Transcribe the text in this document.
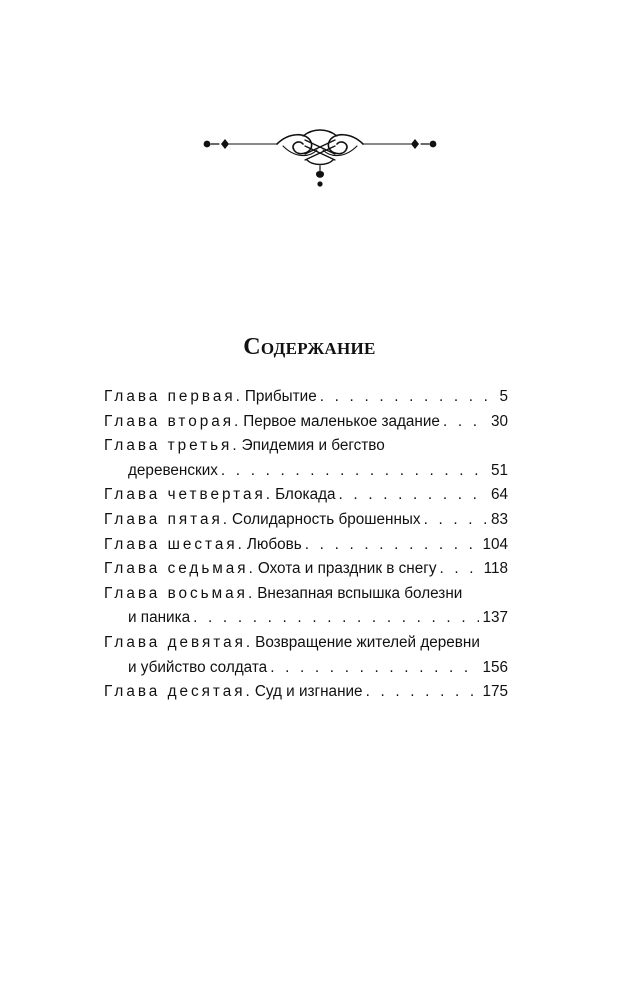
Содержание
Глава первая. Прибытие . . .	5
Глава вторая. Первое маленькое задание . . .	30
Глава третья. Эпидемия и бегство
деревенских . . .	51
Глава четвертая. Блокада . . .	64
Глава пятая. Солидарность брошенных . . .	83
Глава шестая. Любовь . . .	104
Глава седьмая. Охота и праздник в снегу . . .	118
Глава восьмая. Внезапная вспышка болезни
и паника . . .	137
Глава девятая. Возвращение жителей деревни
и убийство солдата . . .	156
Глава десятая. Суд и изгнание . . .	175
